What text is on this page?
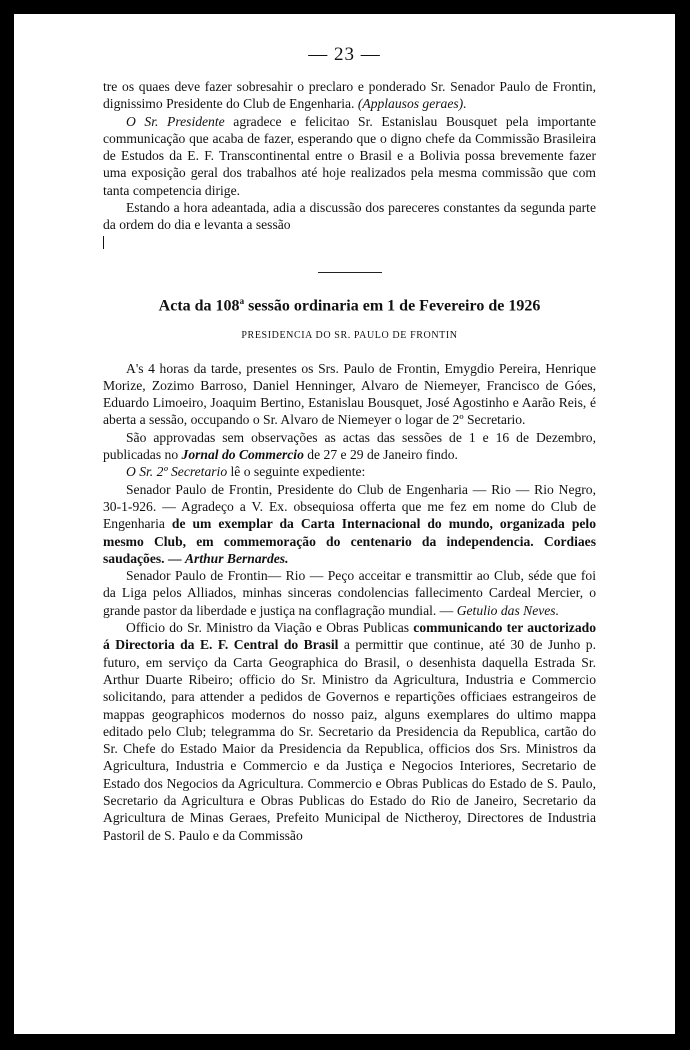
— 23 —

tre os quaes deve fazer sobresahir o preclaro e ponderado Sr. Senador Paulo de Frontin, dignissimo Presidente do Club de Engenharia. (Applausos geraes).

O Sr. Presidente agradece e felicitao Sr. Estanislau Bousquet pela importante communicação que acaba de fazer, esperando que o digno chefe da Commissão Brasileira de Estudos da E. F. Transcontinental entre o Brasil e a Bolivia possa brevemente fazer uma exposição geral dos trabalhos até hoje realizados pela mesma commissão que com tanta competencia dirige.

Estando a hora adeantada, adia a discussão dos pareceres constantes da segunda parte da ordem do dia e levanta a sessão

Acta da 108$^a$ sessão ordinaria em 1 de Fevereiro de 1926
PRESIDENCIA DO SR. PAULO DE FRONTIN

A's 4 horas da tarde, presentes os Srs. Paulo de Frontin, Emygdio Pereira, Henrique Morize, Zozimo Barroso, Daniel Henninger, Alvaro de Niemeyer, Francisco de Góes, Eduardo Limoeiro, Joaquim Bertino, Estanislau Bousquet, José Agostinho e Aarão Reis, é aberta a sessão, occupando o Sr. Alvaro de Niemeyer o logar de 2º Secretario.

São approvadas sem observações as actas das sessões de 1 e 16 de Dezembro, publicadas no Jornal do Commercio de 27 e 29 de Janeiro findo.

O Sr. 2º Secretario lê o seguinte expediente:

Senador Paulo de Frontin, Presidente do Club de Engenharia — Rio — Rio Negro, 30-1-926. — Agradeço a V. Ex. obsequiosa offerta que me fez em nome do Club de Engenharia de um exemplar da Carta Internacional do mundo, organizada pelo mesmo Club, em commemoração do centenario da independencia. Cordiaes saudações. — Arthur Bernardes.

Senador Paulo de Frontin— Rio — Peço acceitar e transmittir ao Club, séde que foi da Liga pelos Alliados, minhas sinceras condolencias fallecimento Cardeal Mercier, o grande pastor da liberdade e justiça na conflagração mundial. — Getulio das Neves.

Officio do Sr. Ministro da Viação e Obras Publicas communicando ter auctorizado á Directoria da E. F. Central do Brasil a permittir que continue, até 30 de Junho p. futuro, em serviço da Carta Geographica do Brasil, o desenhista daquella Estrada Sr. Arthur Duarte Ribeiro; officio do Sr. Ministro da Agricultura, Industria e Commercio solicitando, para attender a pedidos de Governos e repartições officiaes estrangeiros de mappas geographicos modernos do nosso paiz, alguns exemplares do ultimo mappa editado pelo Club; telegramma do Sr. Secretario da Presidencia da Republica, cartão do Sr. Chefe do Estado Maior da Presidencia da Republica, officios dos Srs. Ministros da Agricultura, Industria e Commercio e da Justiça e Negocios Interiores, Secretario de Estado dos Negocios da Agricultura. Commercio e Obras Publicas do Estado de S. Paulo, Secretario da Agricultura e Obras Publicas do Estado do Rio de Janeiro, Secretario da Agricultura de Minas Geraes, Prefeito Municipal de Nictheroy, Directores de Industria Pastoril de S. Paulo e da Commissão
